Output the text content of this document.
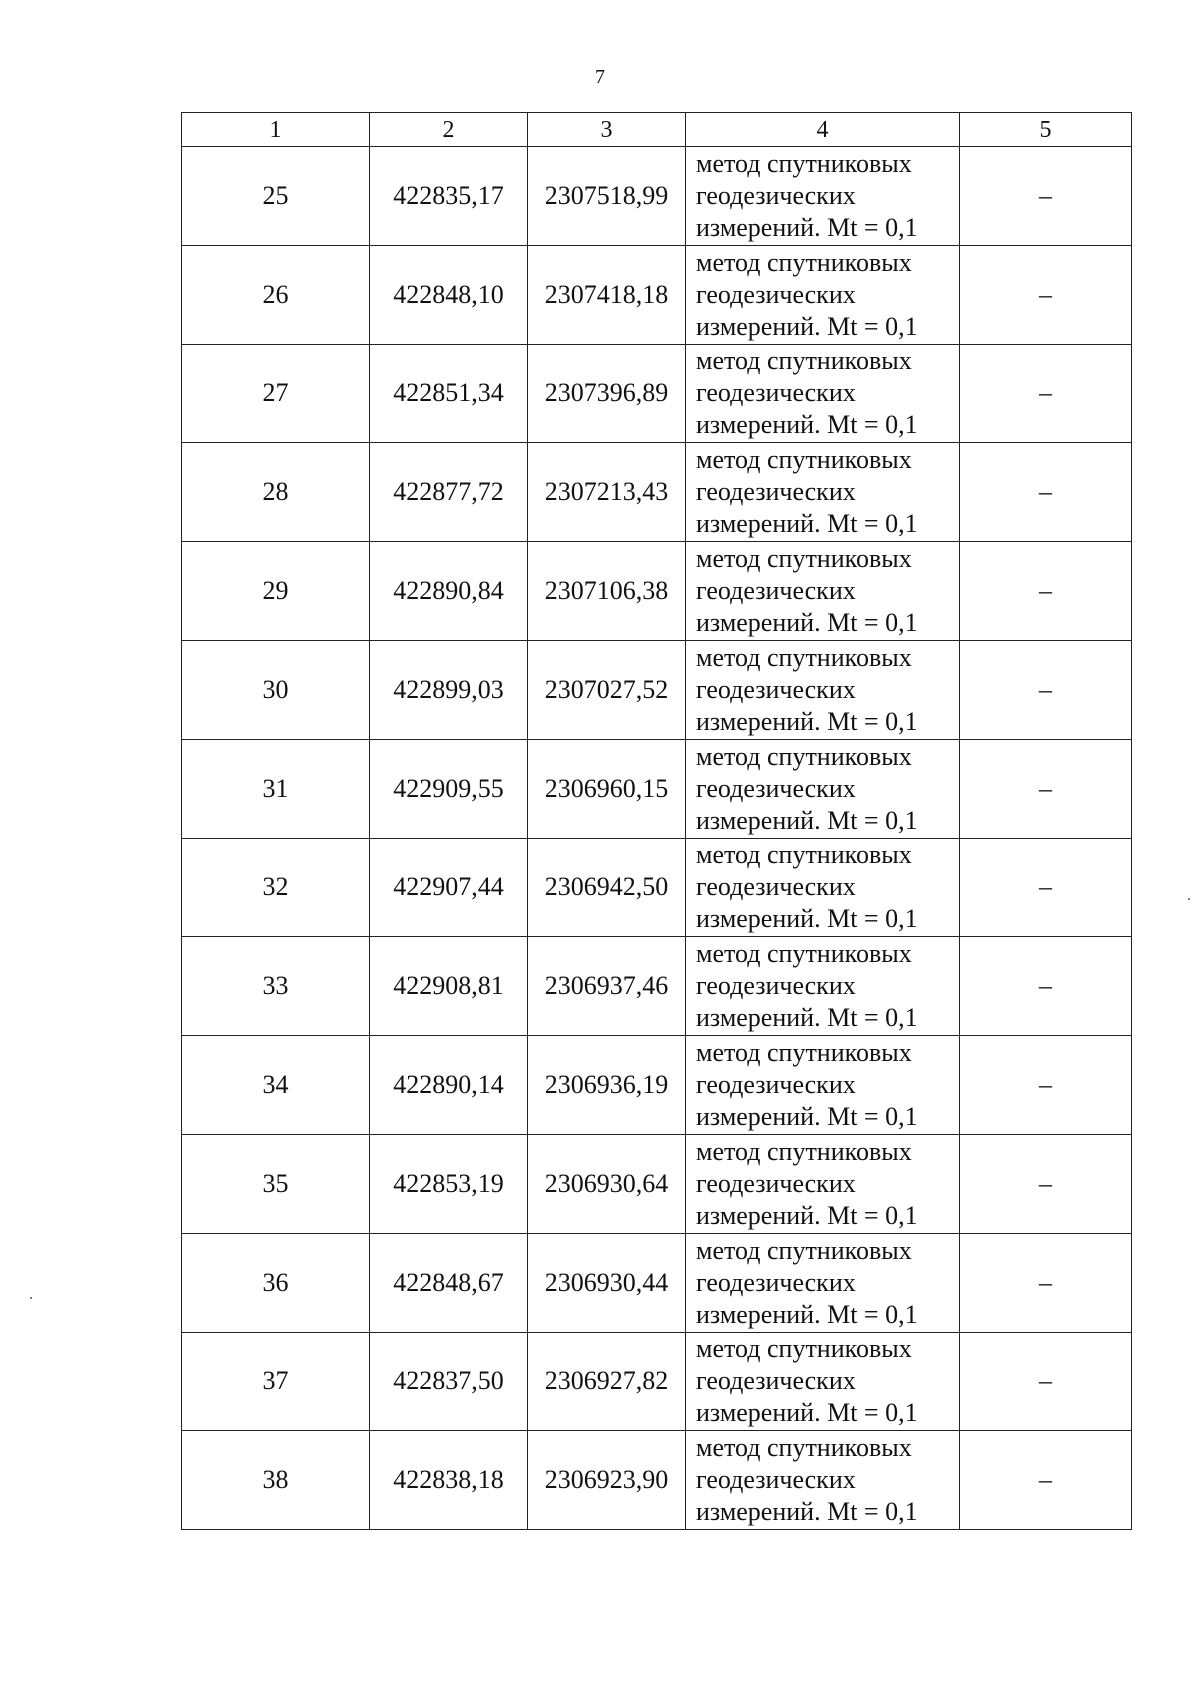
7
1	2	3	4	5
25	422835,17	2307518,99	метод спутниковых
геодезических
измерений. Mt = 0,1	–
26	422848,10	2307418,18	метод спутниковых
геодезических
измерений. Mt = 0,1	–
27	422851,34	2307396,89	метод спутниковых
геодезических
измерений. Mt = 0,1	–
28	422877,72	2307213,43	метод спутниковых
геодезических
измерений. Mt = 0,1	–
29	422890,84	2307106,38	метод спутниковых
геодезических
измерений. Mt = 0,1	–
30	422899,03	2307027,52	метод спутниковых
геодезических
измерений. Mt = 0,1	–
31	422909,55	2306960,15	метод спутниковых
геодезических
измерений. Mt = 0,1	–
32	422907,44	2306942,50	метод спутниковых
геодезических
измерений. Mt = 0,1	–
33	422908,81	2306937,46	метод спутниковых
геодезических
измерений. Mt = 0,1	–
34	422890,14	2306936,19	метод спутниковых
геодезических
измерений. Mt = 0,1	–
35	422853,19	2306930,64	метод спутниковых
геодезических
измерений. Mt = 0,1	–
36	422848,67	2306930,44	метод спутниковых
геодезических
измерений. Mt = 0,1	–
37	422837,50	2306927,82	метод спутниковых
геодезических
измерений. Mt = 0,1	–
38	422838,18	2306923,90	метод спутниковых
геодезических
измерений. Mt = 0,1	–
